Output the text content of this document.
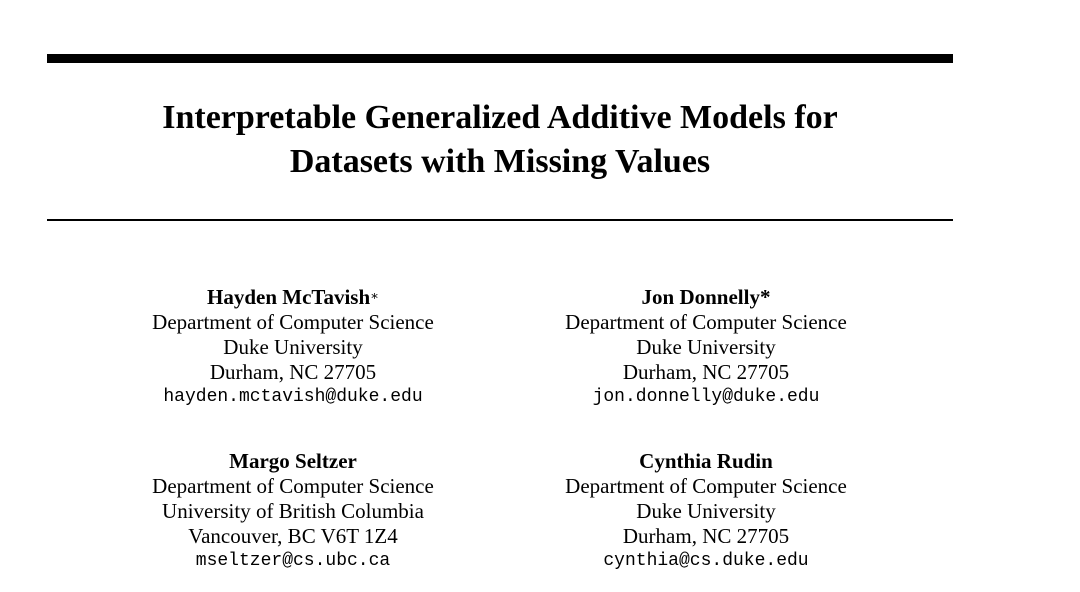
Interpretable Generalized Additive Models for
Datasets with Missing Values
Hayden McTavish∗
Department of Computer Science
Duke University
Durham, NC 27705
hayden.mctavish@duke.edu
Jon Donnelly*
Department of Computer Science
Duke University
Durham, NC 27705
jon.donnelly@duke.edu
Margo Seltzer
Department of Computer Science
University of British Columbia
Vancouver, BC V6T 1Z4
mseltzer@cs.ubc.ca
Cynthia Rudin
Department of Computer Science
Duke University
Durham, NC 27705
cynthia@cs.duke.edu
